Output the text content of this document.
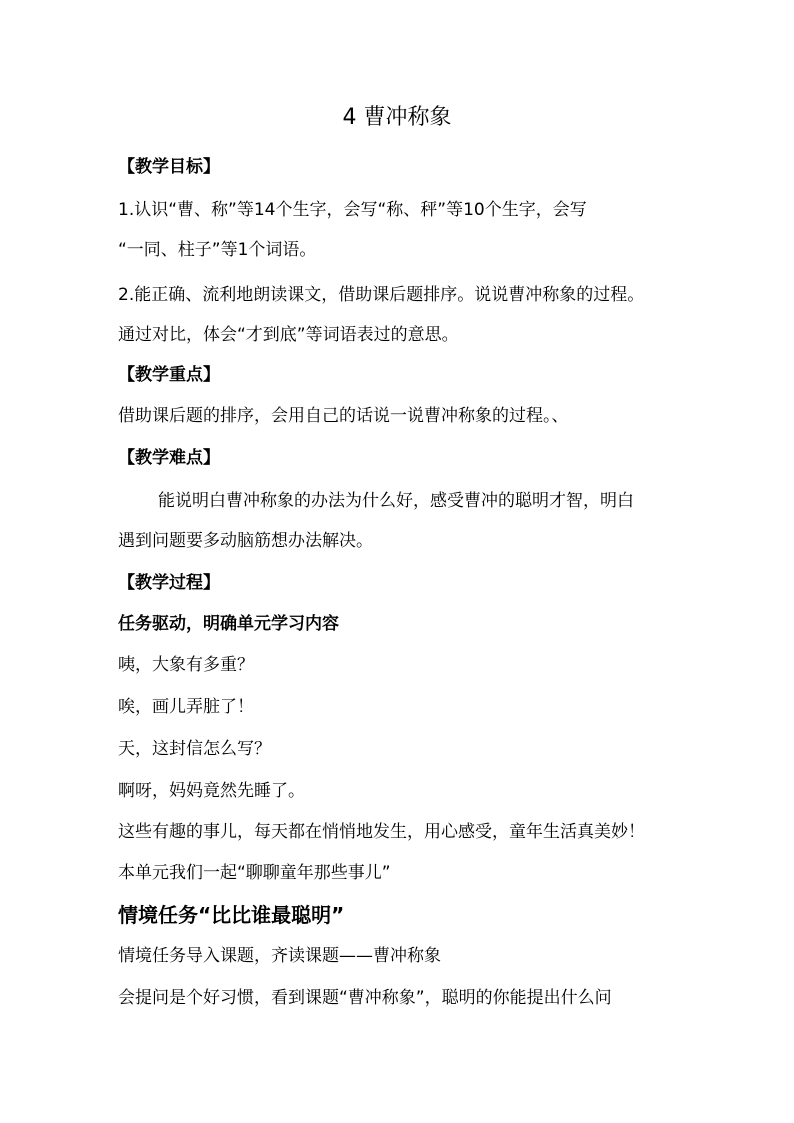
4 曹冲称象
【教学目标】
1.认识“曹、称”等14个生字，会写“称、秤”等10个生字，会写
“一同、柱子”等1个词语。
2.能正确、流利地朗读课文，借助课后题排序。说说曹冲称象的过程。
通过对比，体会“才到底”等词语表过的意思。
【教学重点】
借助课后题的排序，会用自己的话说一说曹冲称象的过程。、
【教学难点】
能说明白曹冲称象的办法为什么好，感受曹冲的聪明才智，明白
遇到问题要多动脑筋想办法解决。
【教学过程】
任务驱动，明确单元学习内容
咦，大象有多重？
唉，画儿弄脏了！
天，这封信怎么写？
啊呀，妈妈竟然先睡了。
这些有趣的事儿，每天都在悄悄地发生，用心感受，童年生活真美妙！
本单元我们一起“聊聊童年那些事儿”
情境任务“比比谁最聪明”
情境任务导入课题，齐读课题——曹冲称象
会提问是个好习惯，看到课题“曹冲称象”，聪明的你能提出什么问
